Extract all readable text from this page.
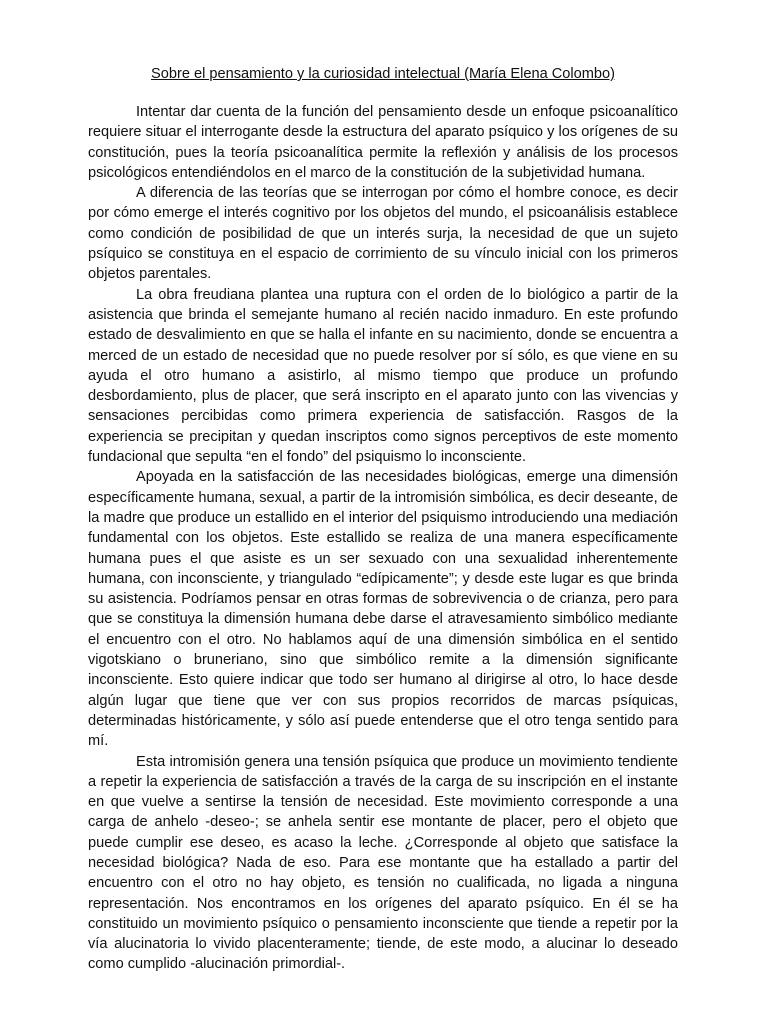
Sobre el pensamiento y la curiosidad intelectual (María Elena Colombo)

Intentar dar cuenta de la función del pensamiento desde un enfoque psicoanalítico requiere situar el interrogante desde la estructura del aparato psíquico y los orígenes de su constitución, pues la teoría psicoanalítica permite la reflexión y análisis de los procesos psicológicos entendiéndolos en el marco de la constitución de la subjetividad humana.

A diferencia de las teorías que se interrogan por cómo el hombre conoce, es decir por cómo emerge el interés cognitivo por los objetos del mundo, el psicoanálisis establece como condición de posibilidad de que un interés surja, la necesidad de que un sujeto psíquico se constituya en el espacio de corrimiento de su vínculo inicial con los primeros objetos parentales.

La obra freudiana plantea una ruptura con el orden de lo biológico a partir de la asistencia que brinda el semejante humano al recién nacido inmaduro. En este profundo estado de desvalimiento en que se halla el infante en su nacimiento, donde se encuentra a merced de un estado de necesidad que no puede resolver por sí sólo, es que viene en su ayuda el otro humano a asistirlo, al mismo tiempo que produce un profundo desbordamiento, plus de placer, que será inscripto en el aparato junto con las vivencias y sensaciones percibidas como primera experiencia de satisfacción. Rasgos de la experiencia se precipitan y quedan inscriptos como signos perceptivos de este momento fundacional que sepulta “en el fondo” del psiquismo lo inconsciente.

Apoyada en la satisfacción de las necesidades biológicas, emerge una dimensión específicamente humana, sexual, a partir de la intromisión simbólica, es decir deseante, de la madre que produce un estallido en el interior del psiquismo introduciendo una mediación fundamental con los objetos. Este estallido se realiza de una manera específicamente humana pues el que asiste es un ser sexuado con una sexualidad inherentemente humana, con inconsciente, y triangulado “edípicamente”; y desde este lugar es que brinda su asistencia. Podríamos pensar en otras formas de sobrevivencia o de crianza, pero para que se constituya la dimensión humana debe darse el atravesamiento simbólico mediante el encuentro con el otro. No hablamos aquí de una dimensión simbólica en el sentido vigotskiano o bruneriano, sino que simbólico remite a la dimensión significante inconsciente. Esto quiere indicar que todo ser humano al dirigirse al otro, lo hace desde algún lugar que tiene que ver con sus propios recorridos de marcas psíquicas, determinadas históricamente, y sólo así puede entenderse que el otro tenga sentido para mí.

Esta intromisión genera una tensión psíquica que produce un movimiento tendiente a repetir la experiencia de satisfacción a través de la carga de su inscripción en el instante en que vuelve a sentirse la tensión de necesidad. Este movimiento corresponde a una carga de anhelo -deseo-; se anhela sentir ese montante de placer, pero el objeto que puede cumplir ese deseo, es acaso la leche. ¿Corresponde al objeto que satisface la necesidad biológica? Nada de eso. Para ese montante que ha estallado a partir del encuentro con el otro no hay objeto, es tensión no cualificada, no ligada a ninguna representación. Nos encontramos en los orígenes del aparato psíquico. En él se ha constituido un movimiento psíquico o pensamiento inconsciente que tiende a repetir por la vía alucinatoria lo vivido placenteramente; tiende, de este modo, a alucinar lo deseado como cumplido -alucinación primordial-.
